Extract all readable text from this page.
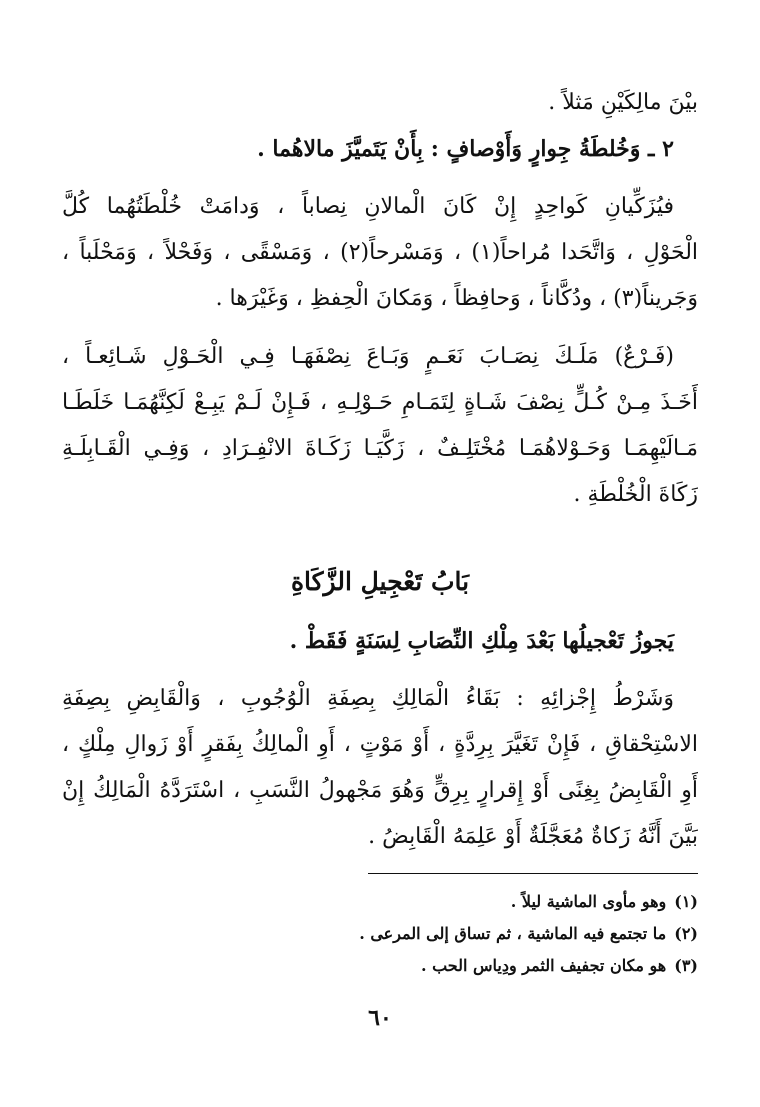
بيْنَ مالِكَيْنِ مَثلاً .
٢ ـ وَخُلطَةُ جِوارٍ وَأَوْصافٍ : بِأَنْ يَتَميَّزَ مالاهُما .
فيُزَكِّيانِ كَواحِدٍ إِنْ كَانَ الْمالانِ نِصاباً ، وَدامَتْ خُلْطَتُهُما كُلَّ
الْحَوْلِ ، وَاتَّحَدا مُراحاً(١) ، وَمَسْرحاً(٢) ، وَمَسْقًى ، وَفَحْلاً ، وَمَحْلَباً ،
وَجَريناً(٣) ، ودُكَّاناً ، وَحافِظاً ، وَمَكانَ الْحِفظِ ، وَغَيْرَها .
(فَـرْعٌ) مَلَـكَ نِصَـابَ نَعَـمٍ وَبَـاعَ نِصْفَهَـا فِـي الْحَـوْلِ شَـائِعـاً ،
أَخَـذَ مِـنْ كُـلٍّ نِصْفَ شَـاةٍ لِتَمَـامِ حَـوْلِـهِ ، فَـإِنْ لَـمْ يَبِـعْ لَكِنَّهُمَـا خَلَطَـا
مَـالَيْهِمَـا وَحَـوْلاهُمَـا مُخْتَلِـفٌ ، زَكَّيَـا زَكَـاةَ الانْفِـرَادِ ، وَفِـي الْقَـابِلَـةِ
زَكَاةَ الْخُلْطَةِ .
بَابُ تَعْجِيلِ الزَّكَاةِ
يَجوزُ تَعْجيلُها بَعْدَ مِلْكِ النِّصَابِ لِسَنَةٍ فَقَطْ .
وَشَرْطُ إِجْزائِهِ : بَقَاءُ الْمَالِكِ بِصِفَةِ الْوُجُوبِ ، وَالْقَابِضِ بِصِفَةِ
الاسْتِحْقاقِ ، فَإِنْ تَغَيَّرَ بِرِدَّةٍ ، أَوْ مَوْتٍ ، أَوِ الْمالِكُ بِفَقرٍ أَوْ زَوالِ مِلْكٍ ،
أَوِ الْقَابِضُ بِغِنًى أَوْ إِقرارٍ بِرِقٍّ وَهُوَ مَجْهولُ النَّسَبِ ، اسْتَرَدَّهُ الْمَالِكُ إِنْ
بَيَّنَ أَنَّهُ زَكاةٌ مُعَجَّلَةٌ أَوْ عَلِمَهُ الْقَابِضُ .
(١)وهو مأوى الماشية ليلاً .
(٢)ما تجتمع فيه الماشية ، ثم تساق إلى المرعى .
(٣)هو مكان تجفيف الثمر ودِياس الحب .
٦٠
